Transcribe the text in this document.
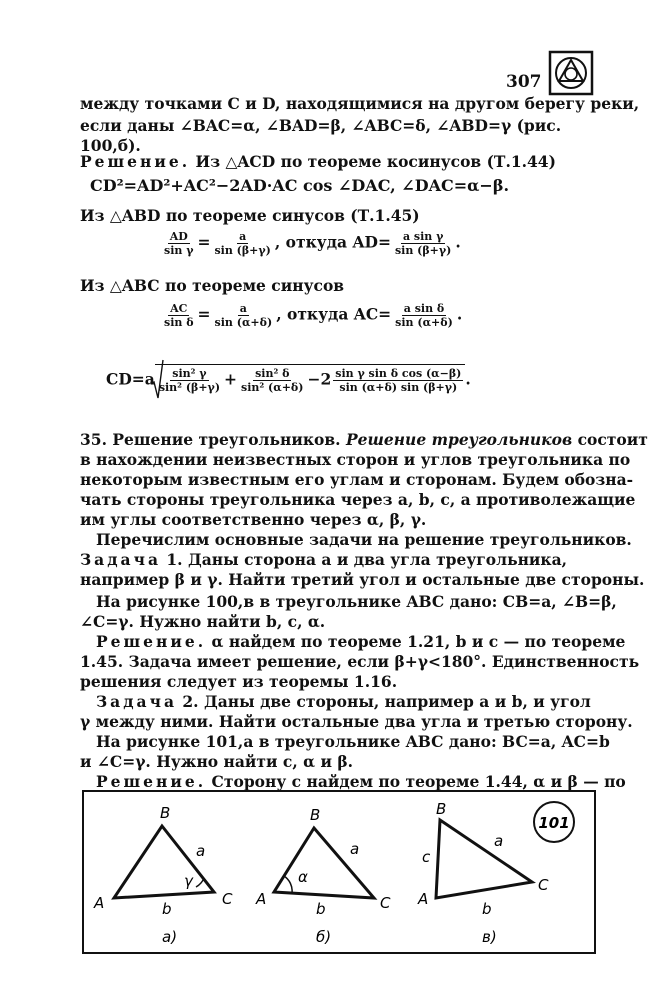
307
между точками C и D, находящимися на другом берегу реки,
если даны ∠BAC=α, ∠BAD=β, ∠ABC=δ, ∠ABD=γ (рис.
100,б).
Решение. Из △ACD по теореме косинусов (Т.1.44)
CD²=AD²+AC²−2AD·AC cos ∠DAC, ∠DAC=α−β.
Из △ABD по теореме синусов (Т.1.45)
$\frac{AD}{\text{sin γ}} = \frac{a}{\sin (\beta+\gamma)}$ , откуда $AD= \frac{\text{a sin γ}}{\sin (\beta+\gamma)}$ .
Из △ABC по теореме синусов
$\frac{AC}{\text{sin δ}} = \frac{a}{\sin (\alpha+\delta)}$ , откуда $AC= \frac{\text{a sin δ}}{\sin (\alpha+\delta)}$ .
$CD=a \frac{\text{sin² γ}}{\text{sin² (β+γ)}} + \frac{\text{sin² δ}}{\text{sin² (α+δ)}} -2 \frac{\text{sin γ sin δ cos (α−β)}}{\sin (\alpha+\delta) \sin (\beta+\gamma)}$ .
35. Решение треугольников. Решение треугольников состоит
в нахождении неизвестных сторон и углов треугольника по
некоторым известным его углам и сторонам. Будем обозна-
чать стороны треугольника через a, b, c, а противолежащие
им углы соответственно через α, β, γ.
Перечислим основные задачи на решение треугольников.
Задача 1. Даны сторона a и два угла треугольника,
например β и γ. Найти третий угол и остальные две стороны.
На рисунке 100,в в треугольнике ABC дано: CB=a, ∠B=β,
∠C=γ. Нужно найти b, c, α.
Решение. α найдем по теореме 1.21, b и c — по теореме
1.45. Задача имеет решение, если β+γ<180°. Единственность
решения следует из теоремы 1.16.
Задача 2. Даны две стороны, например a и b, и угол
γ между ними. Найти остальные два угла и третью сторону.
На рисунке 101,a в треугольнике ABC дано: BC=a, AC=b
и ∠C=γ. Нужно найти c, α и β.
Решение. Сторону c найдем по теореме 1.44, α и β — по
101
B
A	C
a
b
γ
a)
B
A	C
a
b
α
б)
B
A
C
a
b
c
в)
